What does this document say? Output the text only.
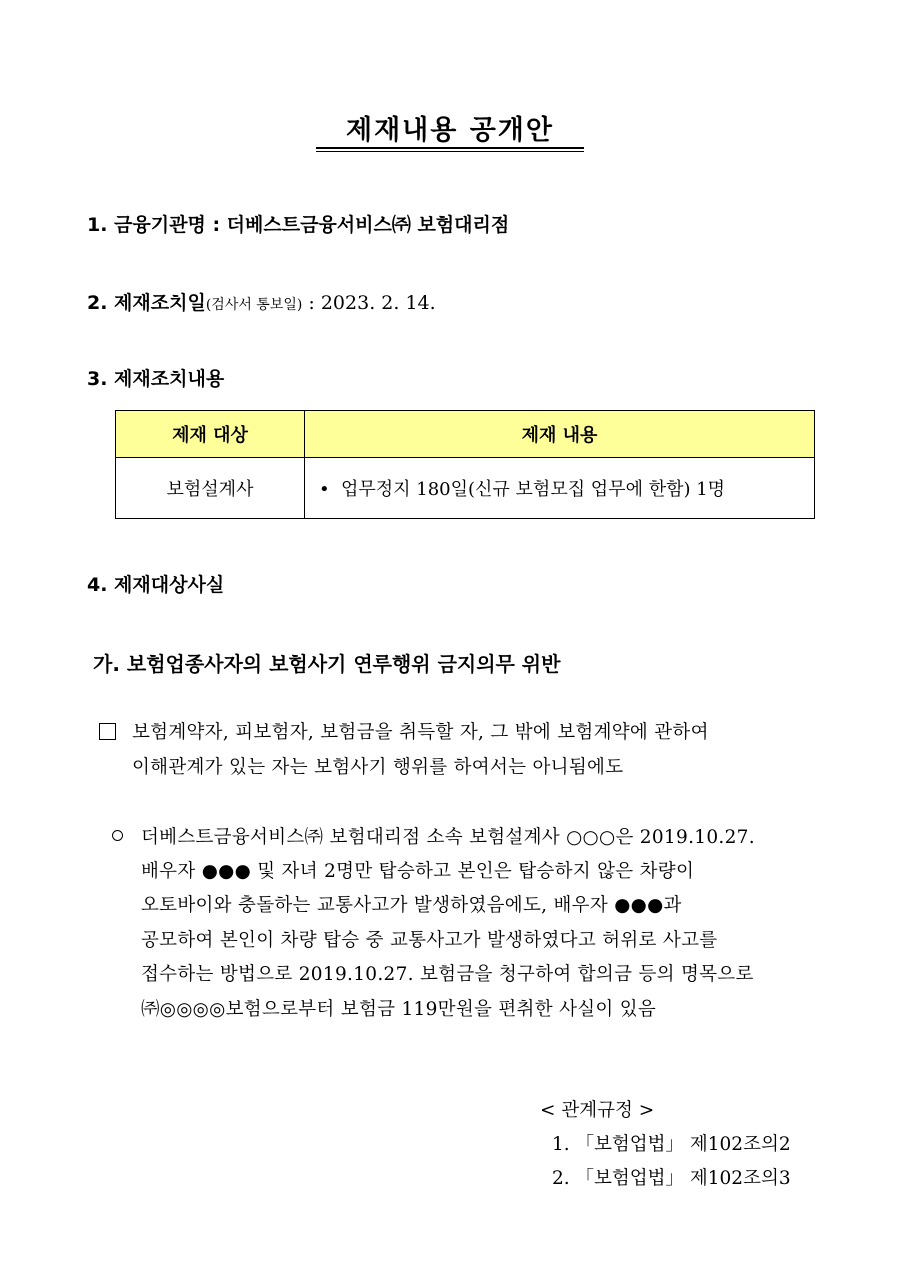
제재내용 공개안
1. 금융기관명 : 더베스트금융서비스㈜ 보험대리점
2. 제재조치일(검사서 통보일) : 2023. 2. 14.
3. 제재조치내용
제재 대상	제재 내용
보험설계사	• 업무정지 180일(신규 보험모집 업무에 한함) 1명
4. 제재대상사실
가. 보험업종사자의 보험사기 연루행위 금지의무 위반
보험계약자, 피보험자, 보험금을 취득할 자, 그 밖에 보험계약에 관하여
이해관계가 있는 자는 보험사기 행위를 하여서는 아니됨에도
더베스트금융서비스㈜ 보험대리점 소속 보험설계사 ○○○은 2019.10.27.
배우자 ●●● 및 자녀 2명만 탑승하고 본인은 탑승하지 않은 차량이
오토바이와 충돌하는 교통사고가 발생하였음에도, 배우자 ●●●과
공모하여 본인이 차량 탑승 중 교통사고가 발생하였다고 허위로 사고를
접수하는 방법으로 2019.10.27. 보험금을 청구하여 합의금 등의 명목으로
㈜◎◎◎◎보험으로부터 보험금 119만원을 편취한 사실이 있음
< 관계규정 >
1. 「보험업법」 제102조의2
2. 「보험업법」 제102조의3
